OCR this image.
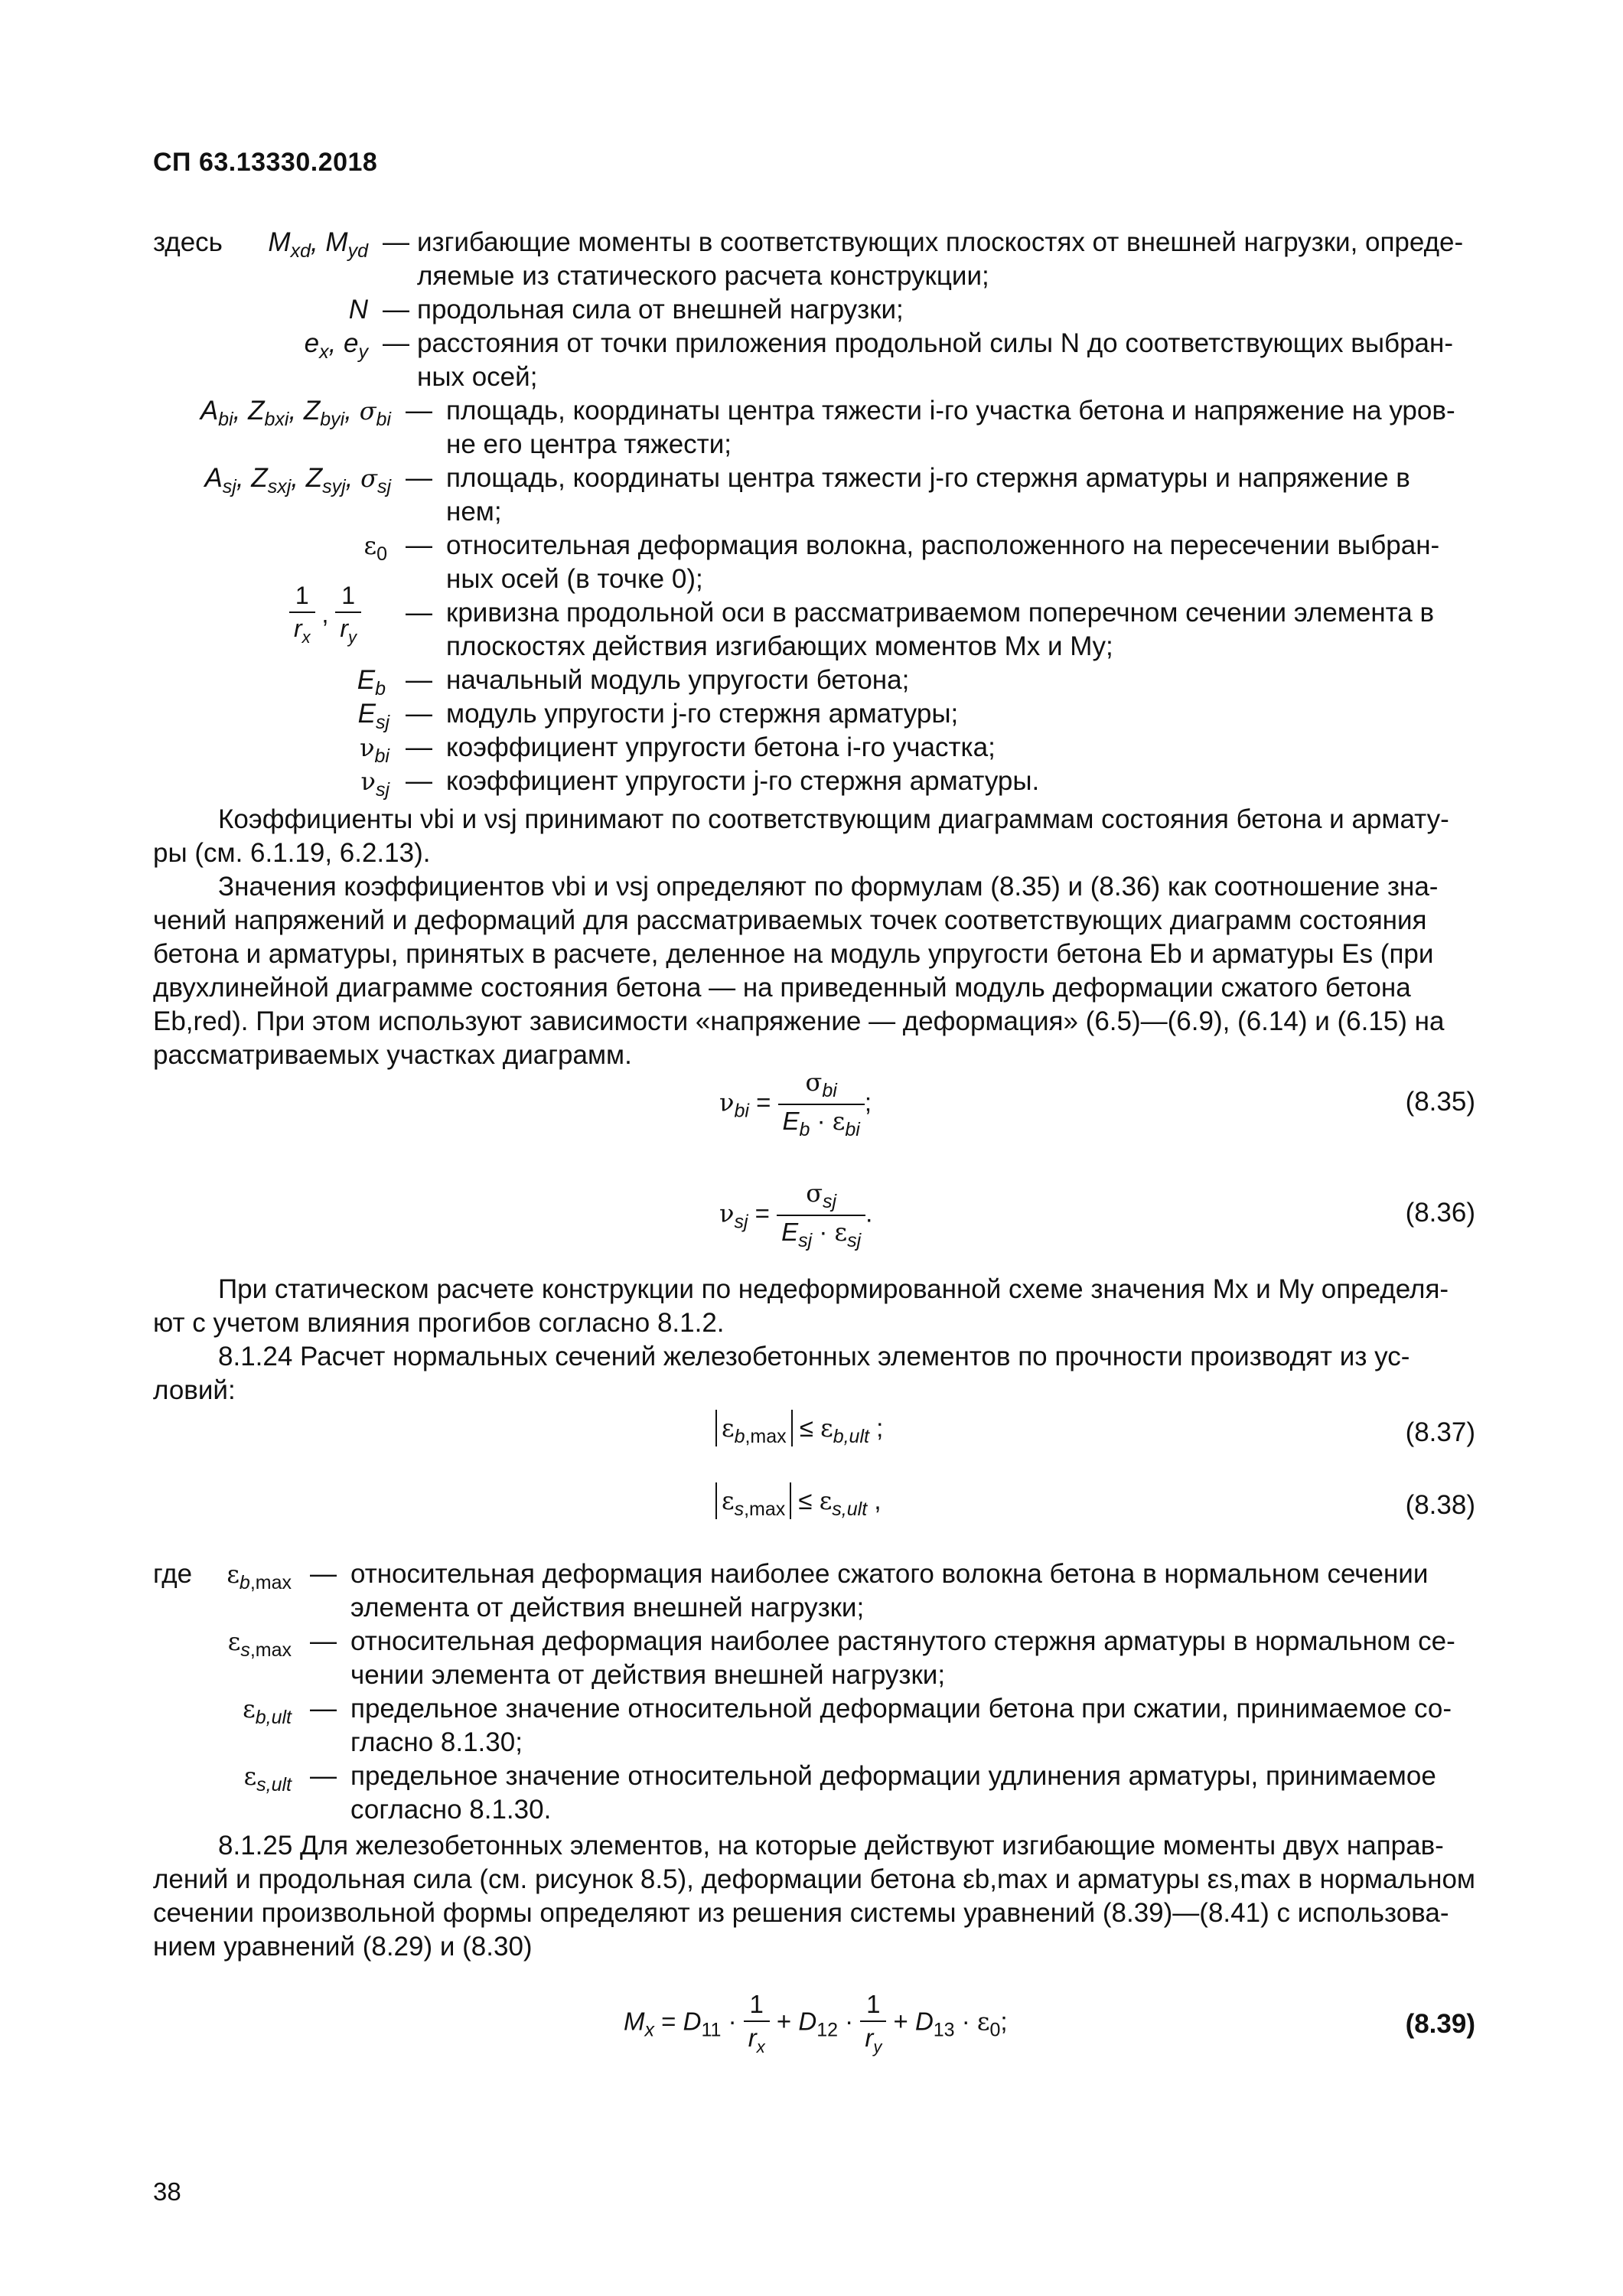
СП 63.13330.2018
здесь $M_{xd}$, $M_{yd}$ — изгибающие моменты в соответствующих плоскостях от внешней нагрузки, опреде-
ляемые из статического расчета конструкции;
N — продольная сила от внешней нагрузки;
$e_x$, $e_y$ — расстояния от точки приложения продольной силы N до соответствующих выбран-
ных осей;
$A_{bi}$, $Z_{bxi}$, $Z_{byi}$, $\sigma_{bi}$ — площадь, координаты центра тяжести i-го участка бетона и напряжение на уров-
не его центра тяжести;
$A_{sj}$, $Z_{sxj}$, $Z_{syj}$, $\sigma_{sj}$ — площадь, координаты центра тяжести j-го стержня арматуры и напряжение в
нем;
$\varepsilon_0$ — относительная деформация волокна, расположенного на пересечении выбран-
ных осей (в точке 0);
$\frac{1}{r_x}$ , $\frac{1}{r_y}$ — кривизна продольной оси в рассматриваемом поперечном сечении элемента в
плоскостях действия изгибающих моментов Mx и My;
$E_b$ — начальный модуль упругости бетона;
$E_{sj}$ — модуль упругости j-го стержня арматуры;
$\nu_{bi}$ — коэффициент упругости бетона i-го участка;
$\nu_{sj}$ — коэффициент упругости j-го стержня арматуры.
Коэффициенты νbi и νsj принимают по соответствующим диаграммам состояния бетона и армату-
ры (см. 6.1.19, 6.2.13).
Значения коэффициентов νbi и νsj определяют по формулам (8.35) и (8.36) как соотношение зна-
чений напряжений и деформаций для рассматриваемых точек соответствующих диаграмм состояния
бетона и арматуры, принятых в расчете, деленное на модуль упругости бетона Eb и арматуры Es (при
двухлинейной диаграмме состояния бетона — на приведенный модуль деформации сжатого бетона
Eb,red). При этом используют зависимости «напряжение — деформация» (6.5)—(6.9), (6.14) и (6.15) на
рассматриваемых участках диаграмм.
$\nu_{bi} = \frac{\sigma_{bi}}{E_b \cdot \varepsilon_{bi}}$ ;	(8.35)
$\nu_{sj} = \frac{\sigma_{sj}}{E_{sj} \cdot \varepsilon_{sj}}$ .	(8.36)
При статическом расчете конструкции по недеформированной схеме значения Mx и My определя-
ют с учетом влияния прогибов согласно 8.1.2.
8.1.24 Расчет нормальных сечений железобетонных элементов по прочности производят из ус-
ловий:
$\varepsilon_{b,max} \le \varepsilon_{b,ult}$ ;	(8.37)
$\varepsilon_{s,max} \le \varepsilon_{s,ult}$ ,	(8.38)
где $\varepsilon_{b,max}$ — относительная деформация наиболее сжатого волокна бетона в нормальном сечении
элемента от действия внешней нагрузки;
$\varepsilon_{s,max}$ — относительная деформация наиболее растянутого стержня арматуры в нормальном се-
чении элемента от действия внешней нагрузки;
$\varepsilon_{b,ult}$ — предельное значение относительной деформации бетона при сжатии, принимаемое со-
гласно 8.1.30;
$\varepsilon_{s,ult}$ — предельное значение относительной деформации удлинения арматуры, принимаемое
согласно 8.1.30.
8.1.25 Для железобетонных элементов, на которые действуют изгибающие моменты двух направ-
лений и продольная сила (см. рисунок 8.5), деформации бетона εb,max и арматуры εs,max в нормальном
сечении произвольной формы определяют из решения системы уравнений (8.39)—(8.41) с использова-
нием уравнений (8.29) и (8.30)
$M_x = D_{11} \cdot \frac{1}{r_x} + D_{12} \cdot \frac{1}{r_y} + D_{13} \cdot \varepsilon_0$;	(8.39)
38
